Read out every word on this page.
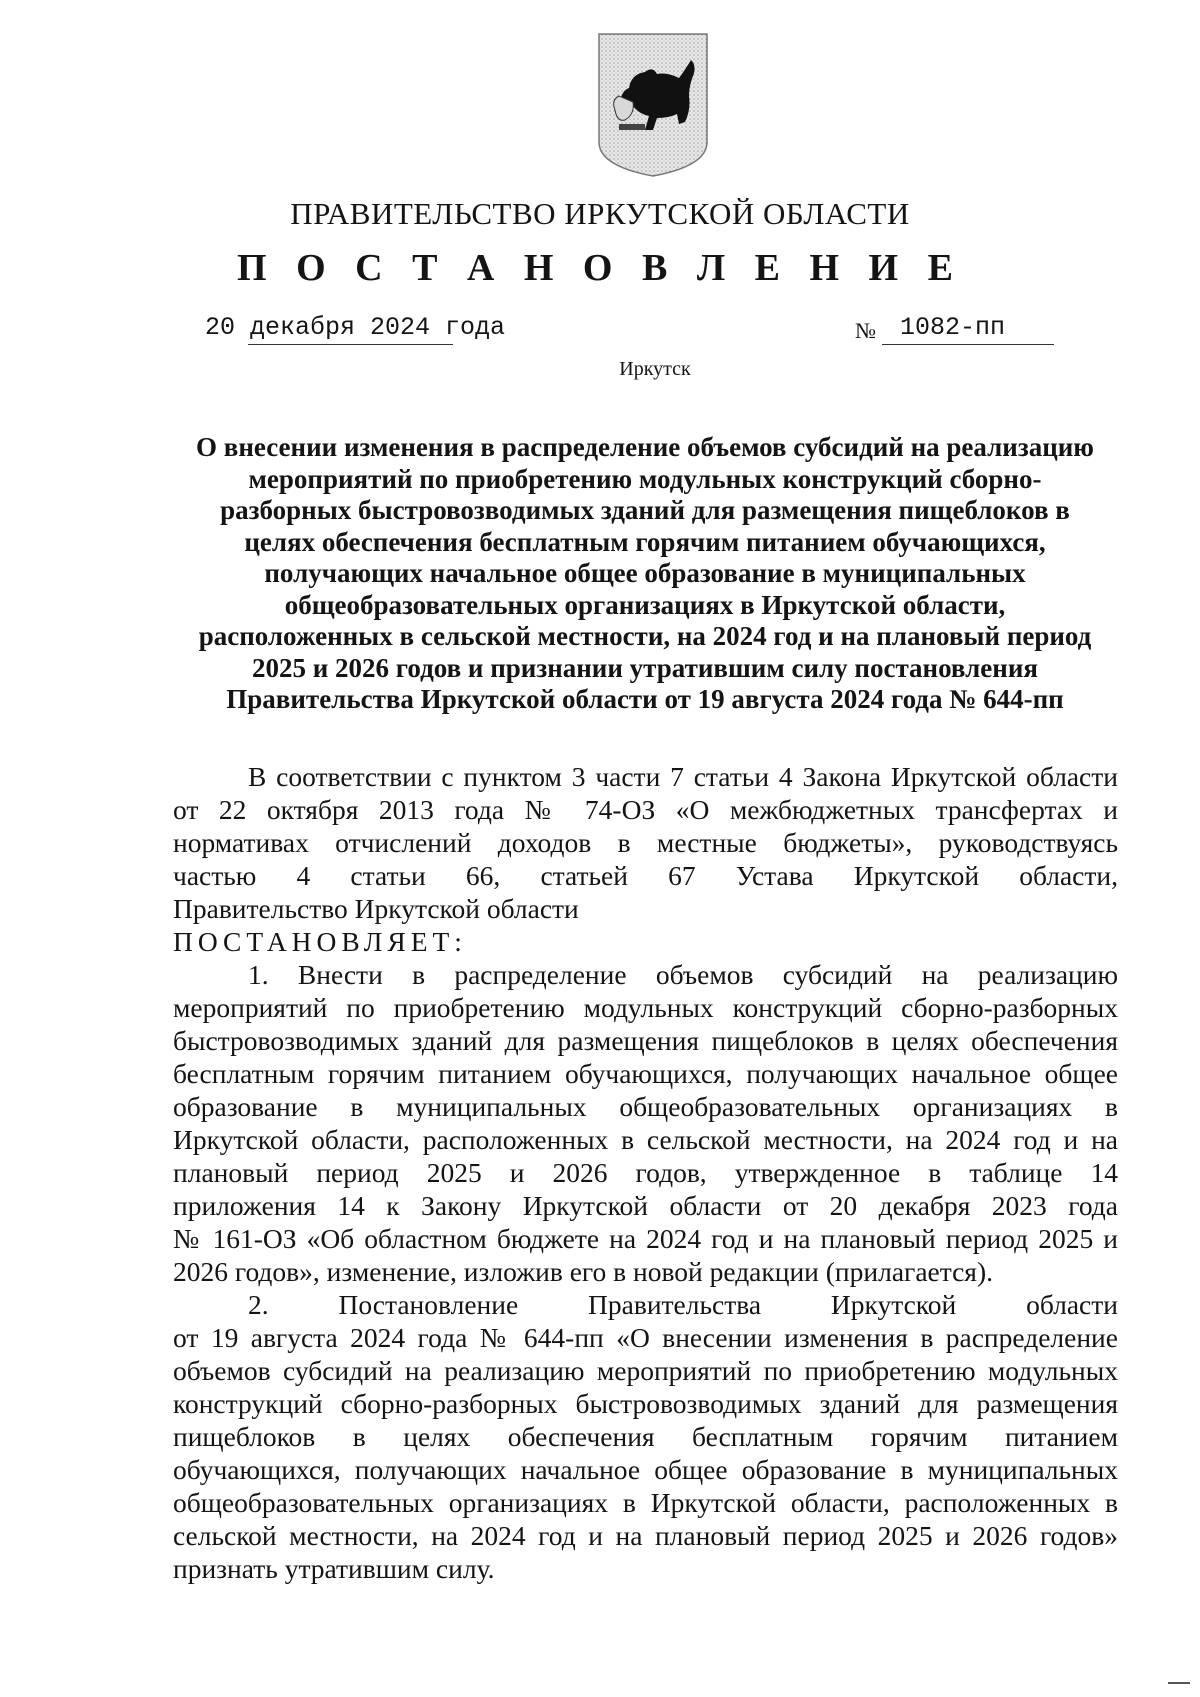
ПРАВИТЕЛЬСТВО ИРКУТСКОЙ ОБЛАСТИ
П О С Т А Н О В Л Е Н И Е
20 декабря 2024 года	№ 1082-пп
Иркутск
О внесении изменения в распределение объемов субсидий на реализацию
мероприятий по приобретению модульных конструкций сборно-
разборных быстровозводимых зданий для размещения пищеблоков в
целях обеспечения бесплатным горячим питанием обучающихся,
получающих начальное общее образование в муниципальных
общеобразовательных организациях в Иркутской области,
расположенных в сельской местности, на 2024 год и на плановый период
2025 и 2026 годов и признании утратившим силу постановления
Правительства Иркутской области от 19 августа 2024 года № 644-пп
В соответствии с пунктом 3 части 7 статьи 4 Закона Иркутской области
от 22 октября 2013 года № 74-ОЗ «О межбюджетных трансфертах и
нормативах отчислений доходов в местные бюджеты», руководствуясь
частью 4 статьи 66, статьей 67 Устава Иркутской области,
Правительство Иркутской области
ПОСТАНОВЛЯЕТ:
1. Внести в распределение объемов субсидий на реализацию
мероприятий по приобретению модульных конструкций сборно-разборных
быстровозводимых зданий для размещения пищеблоков в целях обеспечения
бесплатным горячим питанием обучающихся, получающих начальное общее
образование в муниципальных общеобразовательных организациях в
Иркутской области, расположенных в сельской местности, на 2024 год и на
плановый период 2025 и 2026 годов, утвержденное в таблице 14
приложения 14 к Закону Иркутской области от 20 декабря 2023 года
№ 161-ОЗ «Об областном бюджете на 2024 год и на плановый период 2025 и
2026 годов», изменение, изложив его в новой редакции (прилагается).
2. Постановление Правительства Иркутской области
от 19 августа 2024 года № 644-пп «О внесении изменения в распределение
объемов субсидий на реализацию мероприятий по приобретению модульных
конструкций сборно-разборных быстровозводимых зданий для размещения
пищеблоков в целях обеспечения бесплатным горячим питанием
обучающихся, получающих начальное общее образование в муниципальных
общеобразовательных организациях в Иркутской области, расположенных в
сельской местности, на 2024 год и на плановый период 2025 и 2026 годов»
признать утратившим силу.
